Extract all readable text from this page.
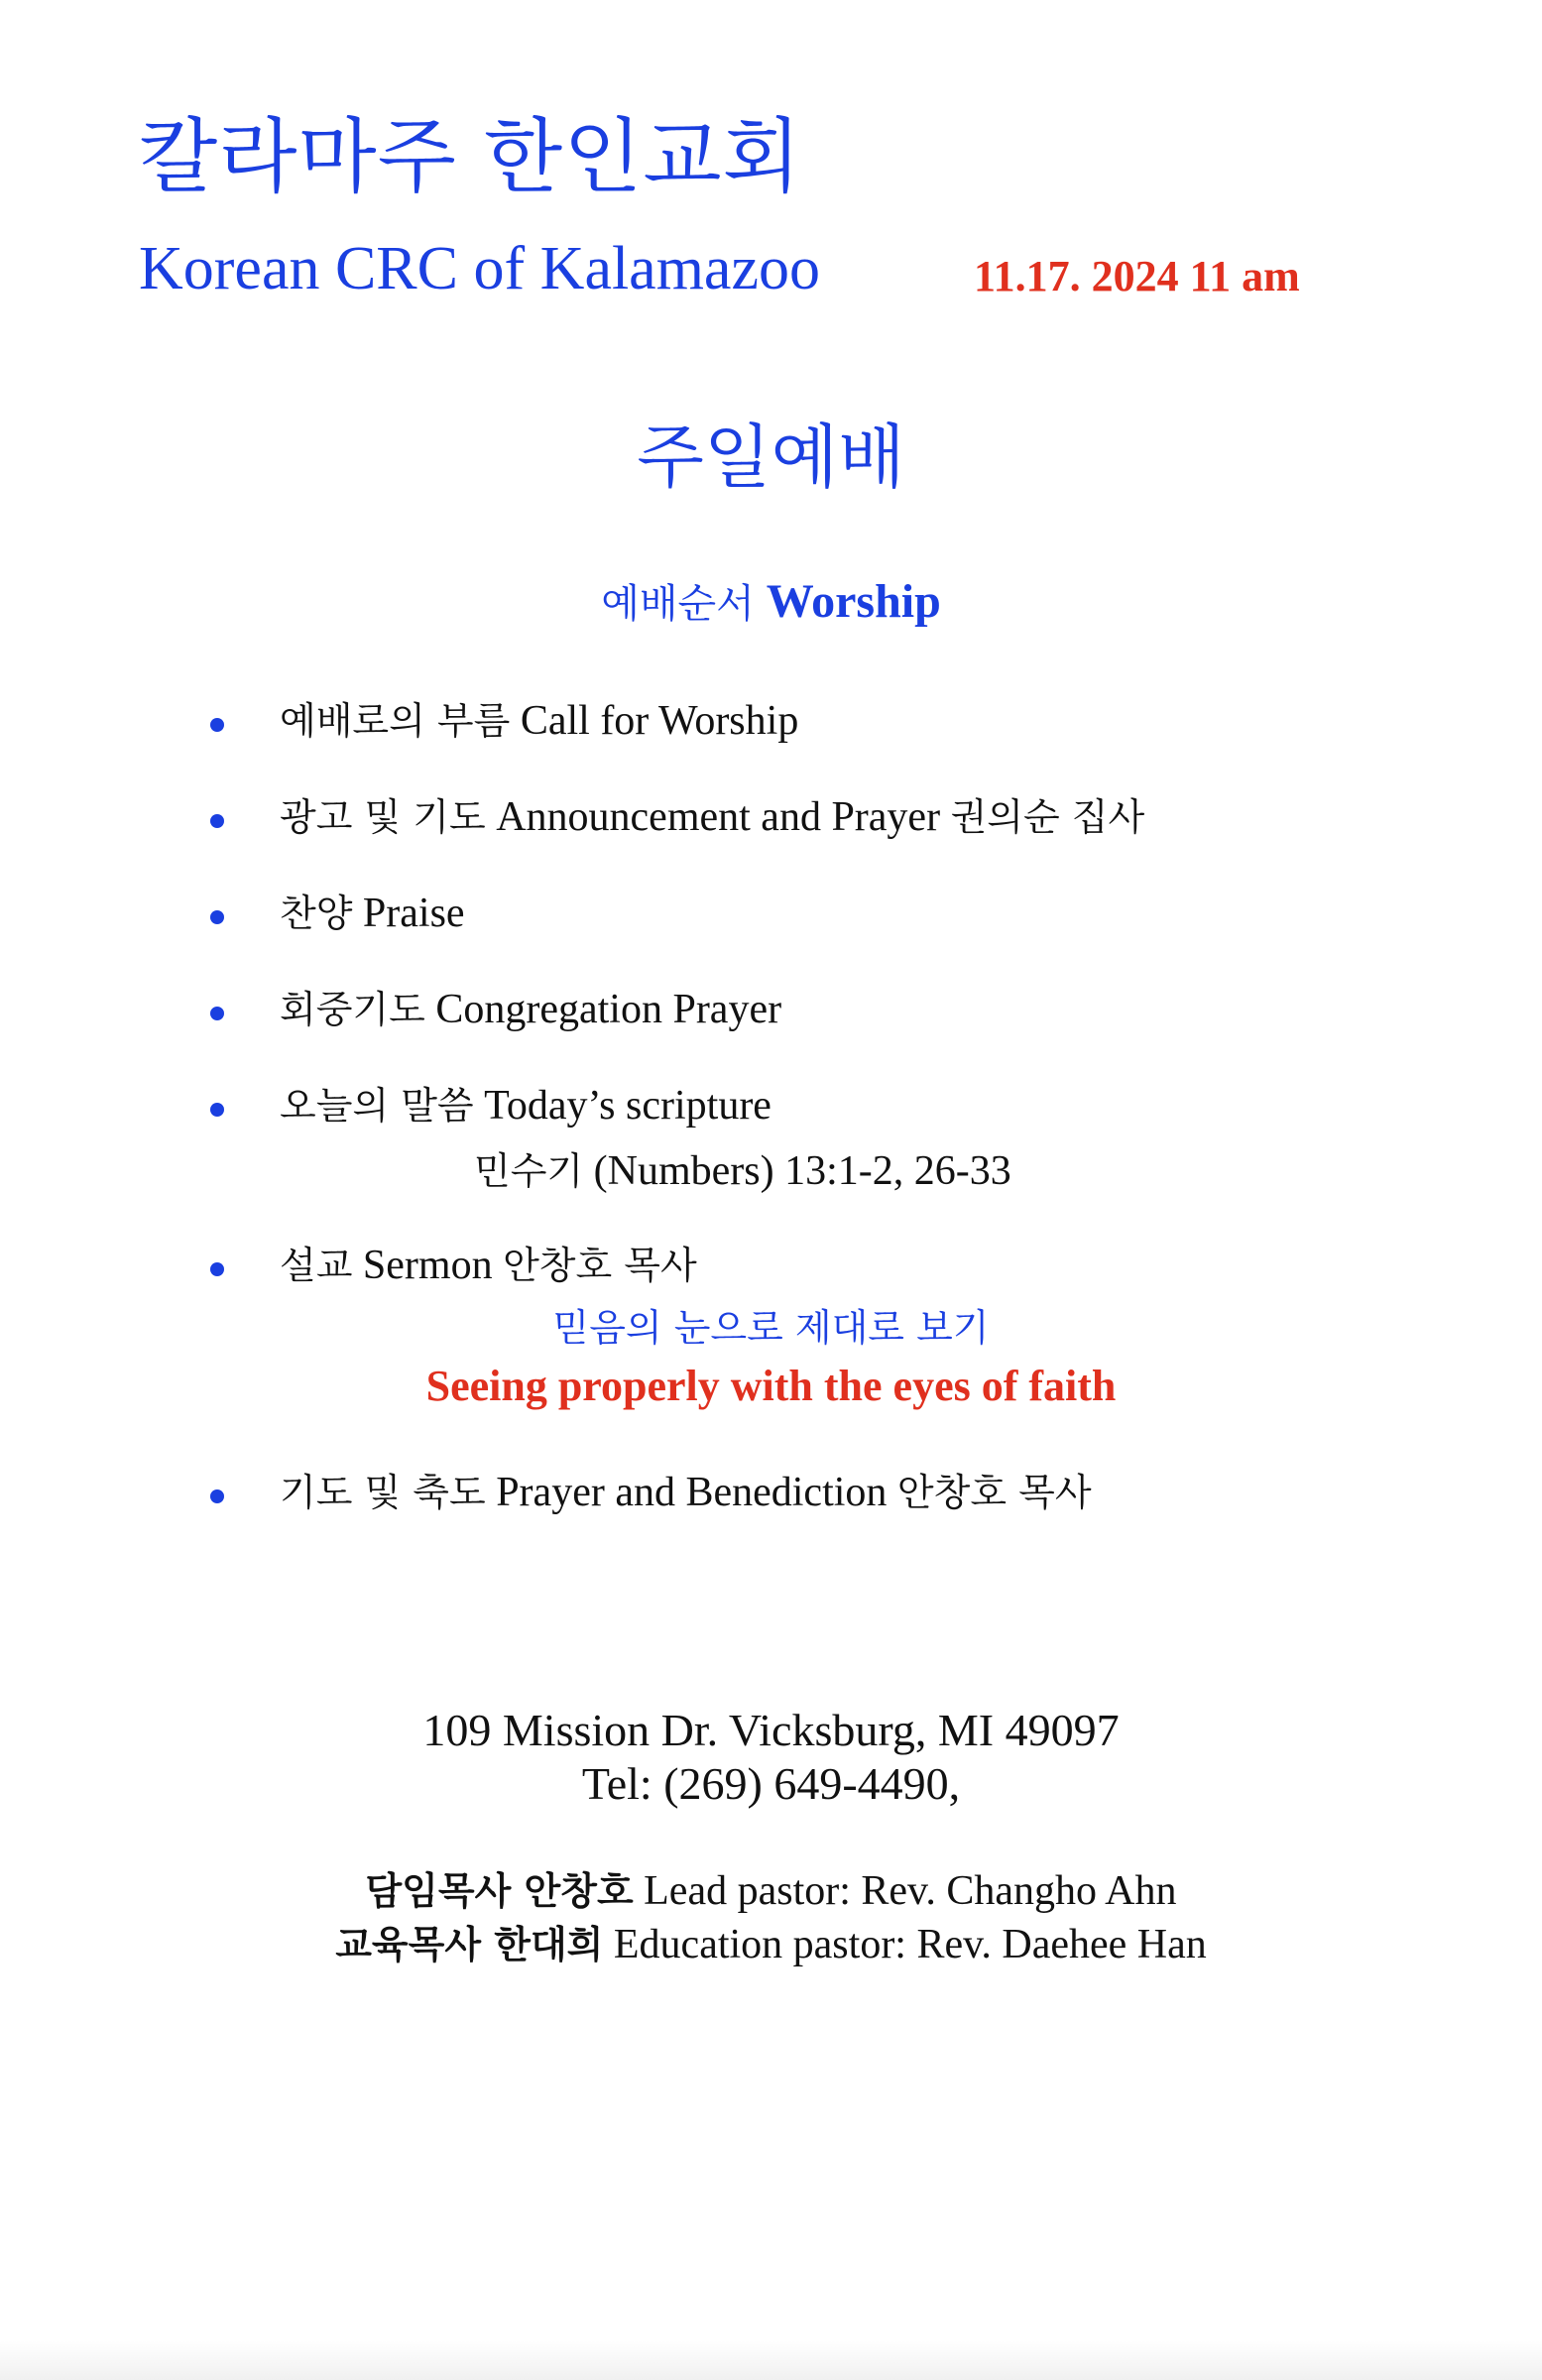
칼라마주 한인교회
Korean CRC of Kalamazoo	11.17. 2024 11 am
주일예배
예배순서 Worship
예배로의 부름 Call for Worship
광고 및 기도 Announcement and Prayer 권의순 집사
찬양 Praise
회중기도 Congregation Prayer
오늘의 말씀 Today’s scripture
민수기 (Numbers) 13:1-2, 26-33
설교 Sermon 안창호 목사
믿음의 눈으로 제대로 보기
Seeing properly with the eyes of faith
기도 및 축도 Prayer and Benediction 안창호 목사
109 Mission Dr. Vicksburg, MI 49097
Tel: (269) 649-4490,
담임목사 안창호 Lead pastor: Rev. Changho Ahn
교육목사 한대희 Education pastor: Rev. Daehee Han
